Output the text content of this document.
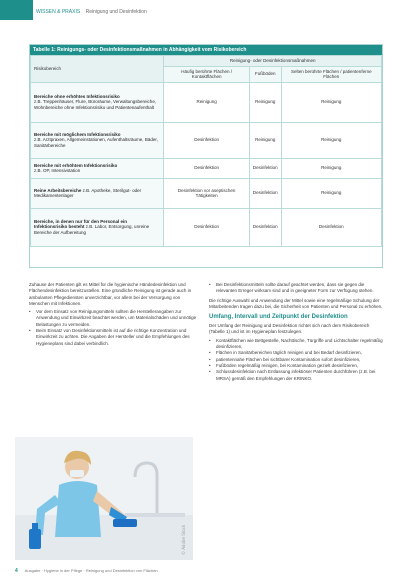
WISSEN & PRAXIS Reinigung und Desinfektion
Tabelle 1: Reinigungs- oder Desinfektionsmaßnahmen in Abhängigkeit vom Risikobereich
Risikobereich	Reinigung- oder Desinfektionsmaßnahmen		
	Häufig berührte Flächen / Kontaktflächen	Fußböden	Selten berührte Flächen / patientenferne Flächen
Bereiche ohne erhöhtes Infektionsrisiko
z.B. Treppenhäuser, Flure, Büroräume, Verwaltungsbereiche, Wohnbereiche ohne Infektionsrisiko und Patientenaufenthalt	Reinigung	Reinigung	Reinigung
Bereiche mit möglichem Infektionsrisiko
z.B. Arztpraxen, Allgemeinstationen, Aufenthaltsräume, Bäder, Sanitärbereiche	Desinfektion	Reinigung	Reinigung
Bereiche mit erhöhtem Infektionsrisiko
z.B. OP, Intensivstation	Desinfektion	Desinfektion	Reinigung
Reine Arbeitsbereiche z.B. Apotheke, Sterilgut- oder Medikamentenlager	Desinfektion vor aseptischen Tätigkeiten	Desinfektion	Reinigung
Bereiche, in denen nur für den Personal ein Infektionsrisiko besteht z.B. Labor, Entsorgung, unreine Bereiche der Aufbereitung	Desinfektion	Desinfektion	Desinfektion

Zuhause der Patienten gilt es Mittel für die hygienische Händedesinfektion und Flächendesinfektion bereitzustellen. Eine gründliche Reinigung ist gerade auch in ambulanten Pflegediensten unverzichtbar, vor allem bei der Versorgung von Menschen mit Infektionen.

•	Vor dem Einsatz von Reinigungsmitteln sollten die Herstellerangaben zur Anwendung und Einwirkzeit beachtet werden, um Materialschäden und unnötige Belastungen zu vermeiden.
•	Beim Einsatz von Desinfektionsmitteln ist auf die richtige Konzentration und Einwirkzeit zu achten. Die Angaben der Hersteller und die Empfehlungen des Hygieneplans sind dabei verbindlich.
•	Bei Desinfektionsmitteln sollte darauf geachtet werden, dass sie gegen die relevanten Erreger wirksam sind und in geeigneter Form zur Verfügung stehen.

Die richtige Auswahl und Anwendung der Mittel sowie eine regelmäßige Schulung der Mitarbeitenden tragen dazu bei, die Sicherheit von Patienten und Personal zu erhöhen.

Umfang, Intervall und Zeitpunkt der Desinfektion

Der Umfang der Reinigung und Desinfektion richtet sich nach dem Risikobereich (Tabelle 1) und ist im Hygieneplan festzulegen.

•	Kontaktflächen wie Bettgestelle, Nachttische, Türgriffe und Lichtschalter regelmäßig desinfizieren,
•	Flächen in Sanitärbereichen täglich reinigen und bei Bedarf desinfizieren,
•	patientennahe Flächen bei sichtbarer Kontamination sofort desinfizieren,
•	Fußböden regelmäßig reinigen, bei Kontamination gezielt desinfizieren,
•	Schlussdesinfektion nach Entlassung infektiöser Patienten durchführen (z.B. bei MRSA) gemäß den Empfehlungen der KRINKO.
© Adobe Stock
4 Ausgabe · Hygiene in der Pflege · Reinigung und Desinfektion von Flächen
